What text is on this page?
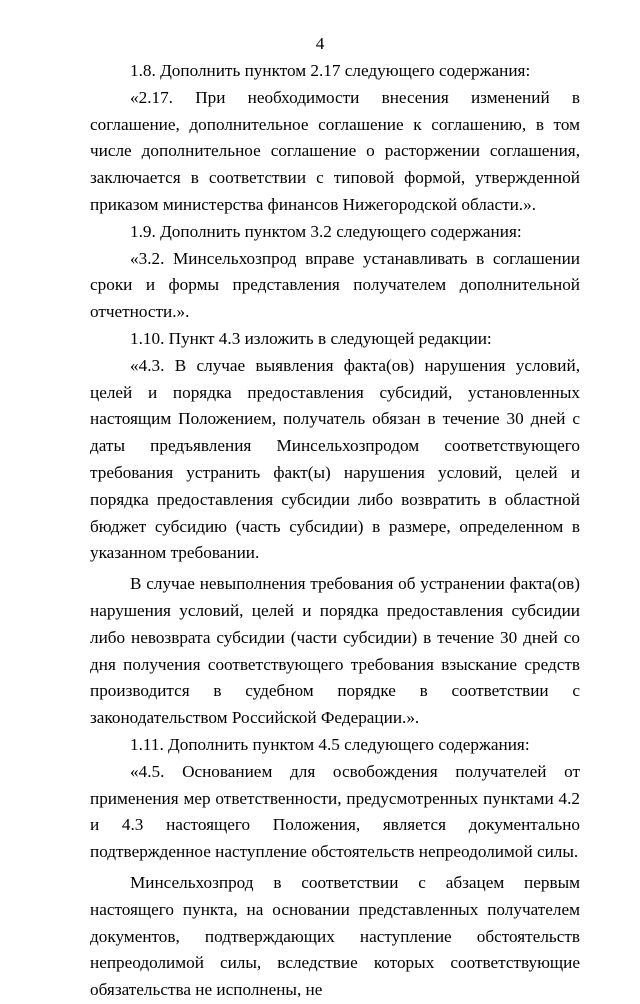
4

1.8. Дополнить пунктом 2.17 следующего содержания:

«2.17. При необходимости внесения изменений в соглашение, дополнительное соглашение к соглашению, в том числе дополнительное соглашение о расторжении соглашения, заключается в соответствии с типовой формой, утвержденной приказом министерства финансов Нижегородской области.».

1.9. Дополнить пунктом 3.2 следующего содержания:

«3.2. Минсельхозпрод вправе устанавливать в соглашении сроки и формы представления получателем дополнительной отчетности.».

1.10. Пункт 4.3 изложить в следующей редакции:

«4.3. В случае выявления факта(ов) нарушения условий, целей и порядка предоставления субсидий, установленных настоящим Положением, получатель обязан в течение 30 дней с даты предъявления Минсельхозпродом соответствующего требования устранить факт(ы) нарушения условий, целей и порядка предоставления субсидии либо возвратить в областной бюджет субсидию (часть субсидии) в размере, определенном в указанном требовании.

В случае невыполнения требования об устранении факта(ов) нарушения условий, целей и порядка предоставления субсидии либо невозврата субсидии (части субсидии) в течение 30 дней со дня получения соответствующего требования взыскание средств производится в судебном порядке в соответствии с законодательством Российской Федерации.».

1.11. Дополнить пунктом 4.5 следующего содержания:

«4.5. Основанием для освобождения получателей от применения мер ответственности, предусмотренных пунктами 4.2 и 4.3 настоящего Положения, является документально подтвержденное наступление обстоятельств непреодолимой силы.

Минсельхозпрод в соответствии с абзацем первым настоящего пункта, на основании представленных получателем документов, подтверждающих наступление обстоятельств непреодолимой силы, вследствие которых соответствующие обязательства не исполнены, не
